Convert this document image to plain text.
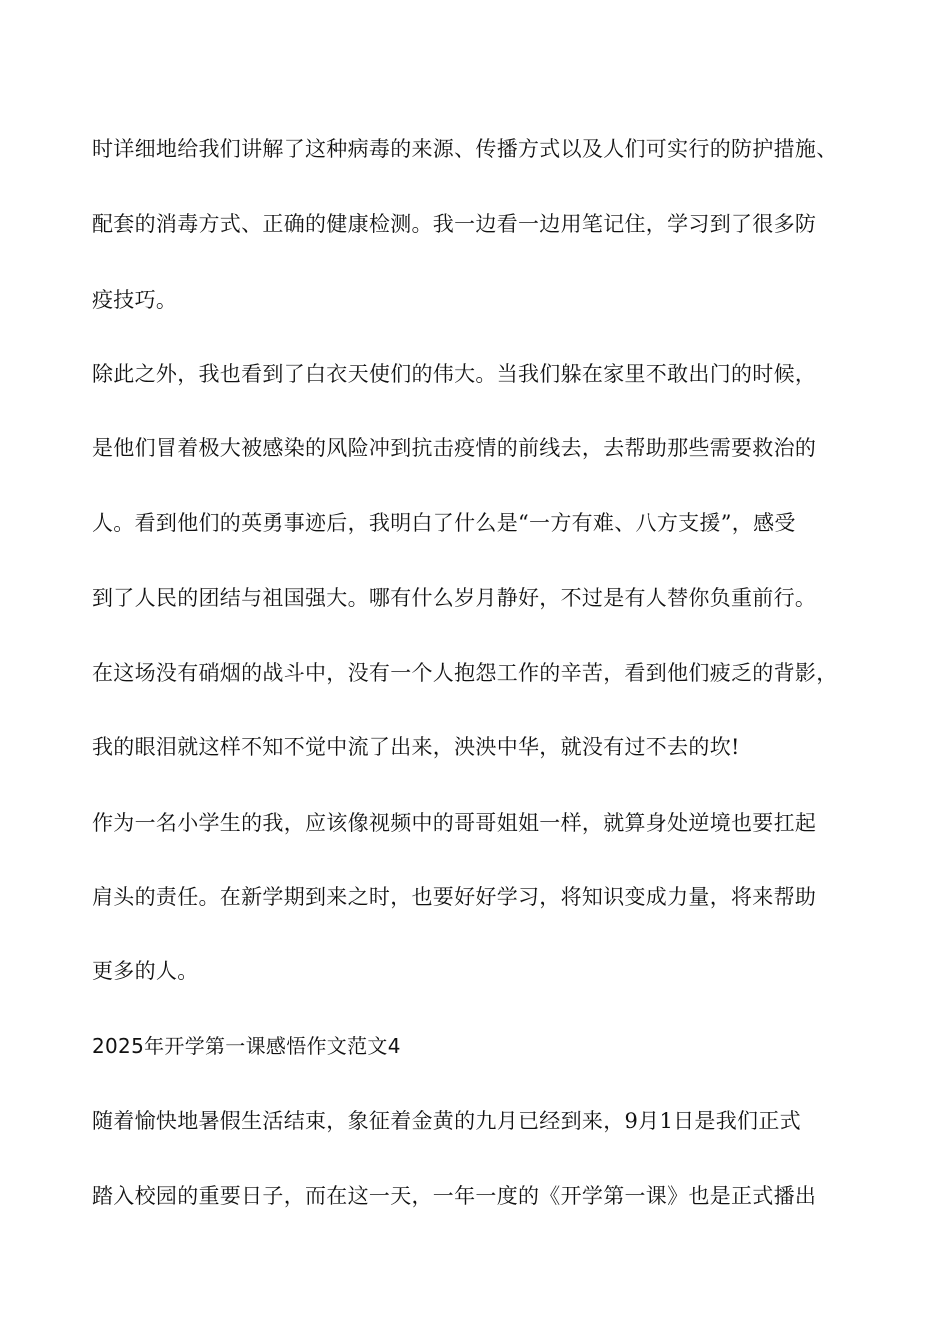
时详细地给我们讲解了这种病毒的来源、传播方式以及人们可实行的防护措施、
配套的消毒方式、正确的健康检测。我一边看一边用笔记住，学习到了很多防
疫技巧。
除此之外，我也看到了白衣天使们的伟大。当我们躲在家里不敢出门的时候，
是他们冒着极大被感染的风险冲到抗击疫情的前线去，去帮助那些需要救治的
人。看到他们的英勇事迹后，我明白了什么是“一方有难、八方支援”，感受
到了人民的团结与祖国强大。哪有什么岁月静好，不过是有人替你负重前行。
在这场没有硝烟的战斗中，没有一个人抱怨工作的辛苦，看到他们疲乏的背影，
我的眼泪就这样不知不觉中流了出来，泱泱中华，就没有过不去的坎!
作为一名小学生的我，应该像视频中的哥哥姐姐一样，就算身处逆境也要扛起
肩头的责任。在新学期到来之时，也要好好学习，将知识变成力量，将来帮助
更多的人。
2025年开学第一课感悟作文范文4
随着愉快地暑假生活结束，象征着金黄的九月已经到来，9月1日是我们正式
踏入校园的重要日子，而在这一天，一年一度的《开学第一课》也是正式播出
